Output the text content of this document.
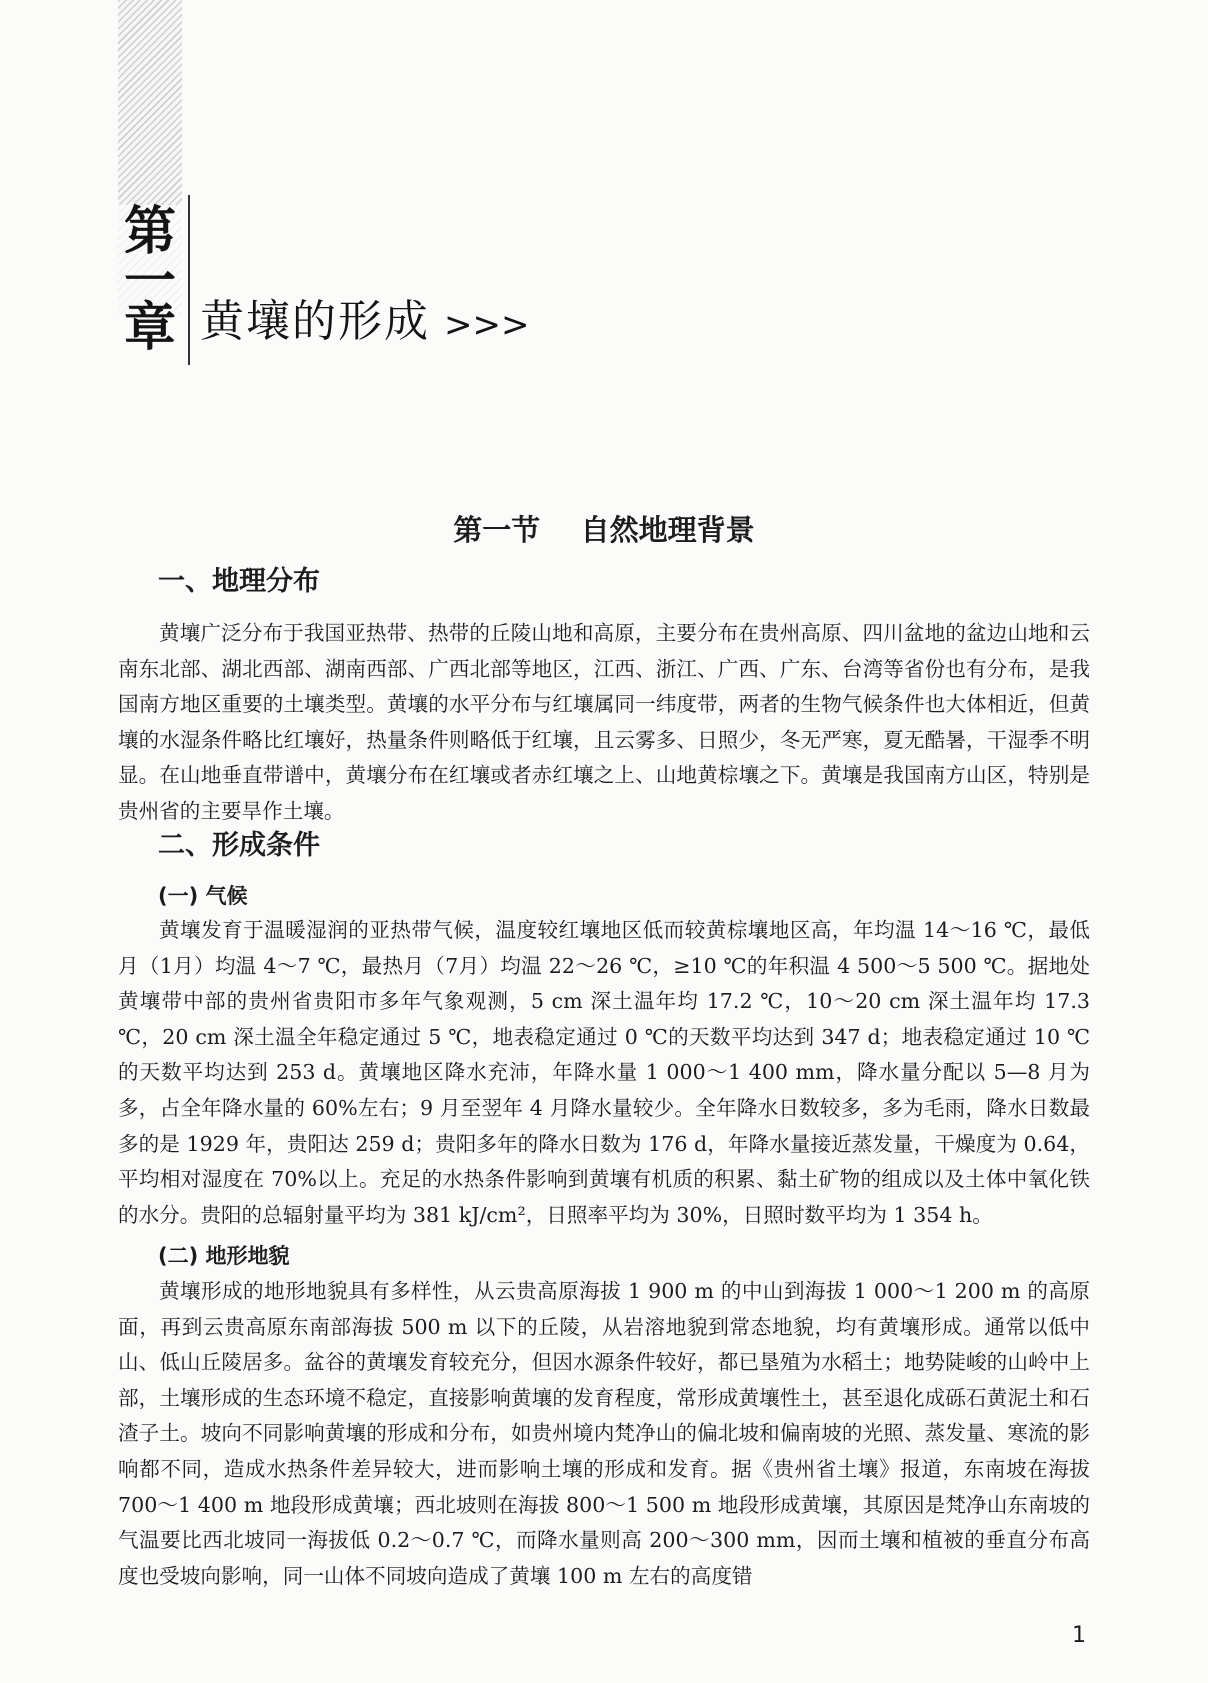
第
一
章 黄壤的形成 >>>
第一节    自然地理背景
一、地理分布

黄壤广泛分布于我国亚热带、热带的丘陵山地和高原，主要分布在贵州高原、四川盆地的盆边山地和云南东北部、湖北西部、湖南西部、广西北部等地区，江西、浙江、广西、广东、台湾等省份也有分布，是我国南方地区重要的土壤类型。黄壤的水平分布与红壤属同一纬度带，两者的生物气候条件也大体相近，但黄壤的水湿条件略比红壤好，热量条件则略低于红壤，且云雾多、日照少，冬无严寒，夏无酷暑，干湿季不明显。在山地垂直带谱中，黄壤分布在红壤或者赤红壤之上、山地黄棕壤之下。黄壤是我国南方山区，特别是贵州省的主要旱作土壤。

二、形成条件
(一) 气候

黄壤发育于温暖湿润的亚热带气候，温度较红壤地区低而较黄棕壤地区高，年均温 14～16 ℃，最低月（1月）均温 4～7 ℃，最热月（7月）均温 22～26 ℃，≥10 ℃的年积温 4 500～5 500 ℃。据地处黄壤带中部的贵州省贵阳市多年气象观测，5 cm 深土温年均 17.2 ℃，10～20 cm 深土温年均 17.3 ℃，20 cm 深土温全年稳定通过 5 ℃，地表稳定通过 0 ℃的天数平均达到 347 d；地表稳定通过 10 ℃的天数平均达到 253 d。黄壤地区降水充沛，年降水量 1 000～1 400 mm，降水量分配以 5—8 月为多，占全年降水量的 60%左右；9 月至翌年 4 月降水量较少。全年降水日数较多，多为毛雨，降水日数最多的是 1929 年，贵阳达 259 d；贵阳多年的降水日数为 176 d，年降水量接近蒸发量，干燥度为 0.64，平均相对湿度在 70%以上。充足的水热条件影响到黄壤有机质的积累、黏土矿物的组成以及土体中氧化铁的水分。贵阳的总辐射量平均为 381 kJ/cm²，日照率平均为 30%，日照时数平均为 1 354 h。

(二) 地形地貌

黄壤形成的地形地貌具有多样性，从云贵高原海拔 1 900 m 的中山到海拔 1 000～1 200 m 的高原面，再到云贵高原东南部海拔 500 m 以下的丘陵，从岩溶地貌到常态地貌，均有黄壤形成。通常以低中山、低山丘陵居多。盆谷的黄壤发育较充分，但因水源条件较好，都已垦殖为水稻土；地势陡峻的山岭中上部，土壤形成的生态环境不稳定，直接影响黄壤的发育程度，常形成黄壤性土，甚至退化成砾石黄泥土和石渣子土。坡向不同影响黄壤的形成和分布，如贵州境内梵净山的偏北坡和偏南坡的光照、蒸发量、寒流的影响都不同，造成水热条件差异较大，进而影响土壤的形成和发育。据《贵州省土壤》报道，东南坡在海拔 700～1 400 m 地段形成黄壤；西北坡则在海拔 800～1 500 m 地段形成黄壤，其原因是梵净山东南坡的气温要比西北坡同一海拔低 0.2～0.7 ℃，而降水量则高 200～300 mm，因而土壤和植被的垂直分布高度也受坡向影响，同一山体不同坡向造成了黄壤 100 m 左右的高度错

1
